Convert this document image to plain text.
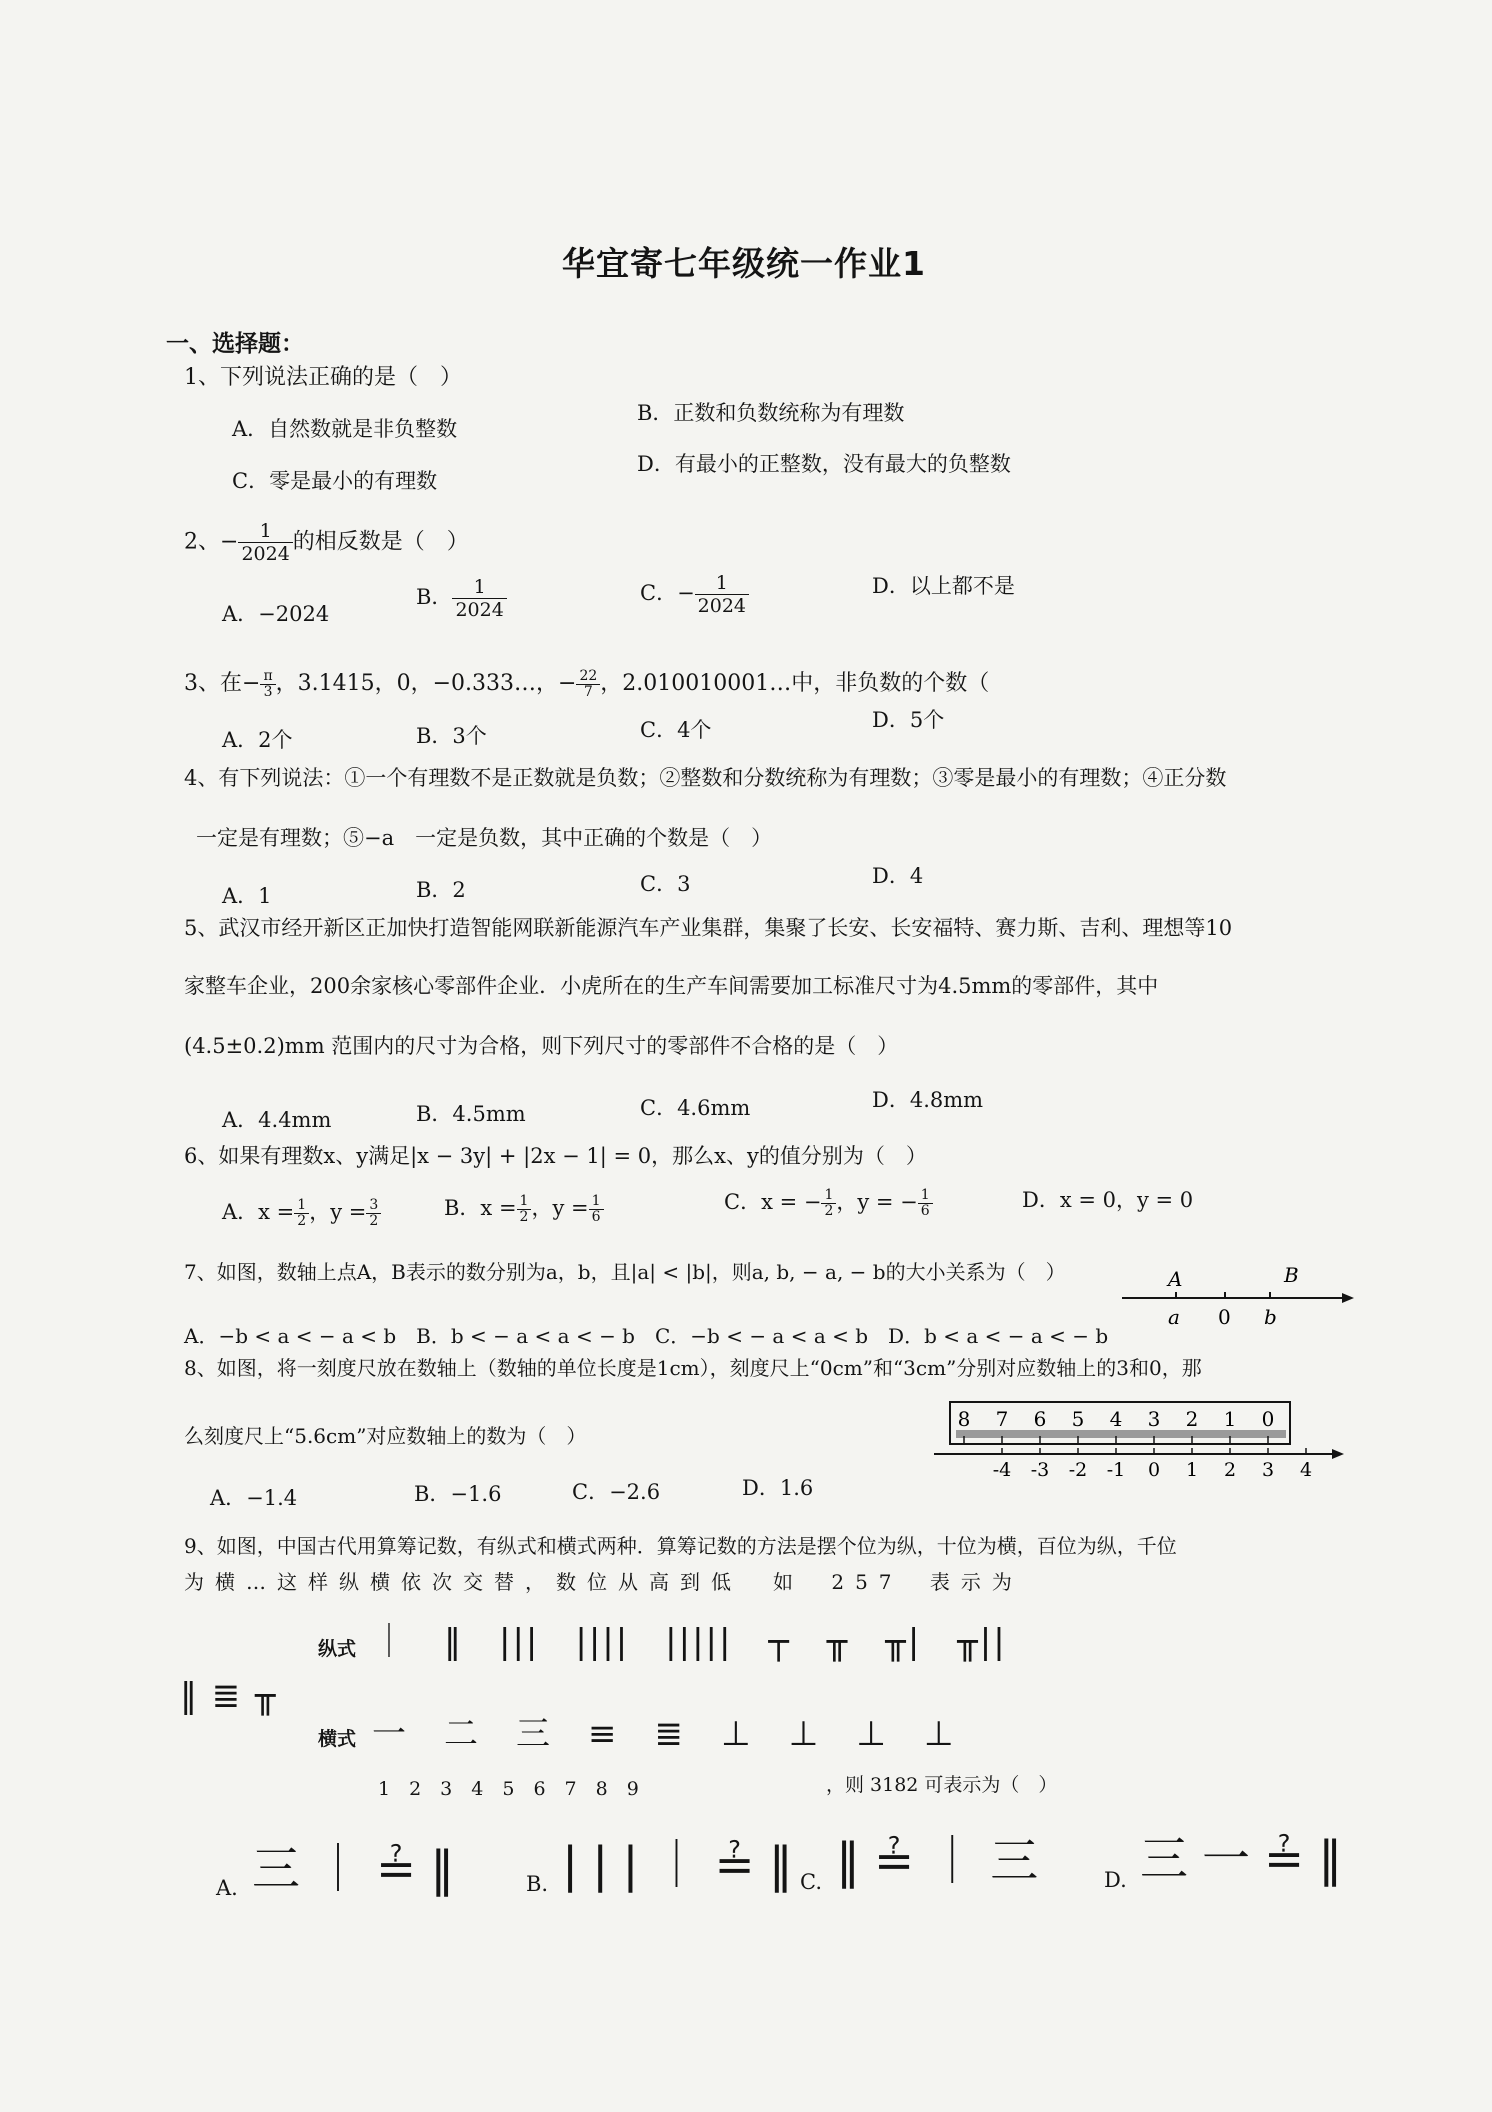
华宜寄七年级统一作业1
一、选择题：
1、下列说法正确的是（　）
A．自然数就是非负整数
B．正数和负数统称为有理数
C．零是最小的有理数
D．有最小的正整数，没有最大的负整数
2、− $\frac{1}{2024}$ 的相反数是（　）
A．−2024
B． $\frac{1}{2024}$	C．− $\frac{1}{2024}$	D．以上都不是
3、在− $\frac{\pi}{3}$ ，3.1415，0，−0.333…，− $\frac{22}{7}$ ，2.010010001…中，非负数的个数（
A．2个	B．3个	C．4个	D．5个
4、有下列说法：①一个有理数不是正数就是负数；②整数和分数统称为有理数；③零是最小的有理数；④正分数
一定是有理数；⑤−a　一定是负数，其中正确的个数是（　）
A．1	B．2	C．3	D．4
5、武汉市经开新区正加快打造智能网联新能源汽车产业集群，集聚了长安、长安福特、赛力斯、吉利、理想等10
家整车企业，200余家核心零部件企业．小虎所在的生产车间需要加工标准尺寸为4.5mm的零部件，其中
(4.5±0.2)mm 范围内的尺寸为合格，则下列尺寸的零部件不合格的是（　）
A．4.4mm	B．4.5mm	C．4.6mm	D．4.8mm
6、如果有理数x、y满足|x − 3y| + |2x − 1| = 0，那么x、y的值分别为（　）
A．$x = \frac{1}{2}$ ，$y = \frac{3}{2}$	B．$x = \frac{1}{2}$ ，$y = \frac{1}{6}$	C．x = − $\frac{1}{2}$ ，y = − $\frac{1}{6}$	D．x = 0，y = 0
7、如图，数轴上点A，B表示的数分别为a，b，且|a| < |b|，则a, b, − a, − b的大小关系为（　）
A．−b < a < − a < b　B．b < − a < a < − b　C．−b < − a < a < b　D．b < a < − a < − b
A	B
a 0 b
8、如图，将一刻度尺放在数轴上（数轴的单位长度是1cm），刻度尺上“0cm”和“3cm”分别对应数轴上的3和0，那
么刻度尺上“5.6cm”对应数轴上的数为（　）
A．−1.4	B．−1.6	C．−2.6	D．1.6
8 7 6 5 4 3 2 1 0
-4 -3 -2 -1 0 1 2 3 4
9、如图，中国古代用算筹记数，有纵式和横式两种．算筹记数的方法是摆个位为纵，十位为横，百位为纵，千位
为横…这样纵横依次交替，数位从高到低　如 257 表示为
纵式 ｜　‖　|||　||||　|||||　┬　╥　╥|　╥||
‖ ≣ ╥
横式 一　二　三　≡　≣　⊥　⊥　⊥　⊥
1　2　3　4　5　6　7　8　9	，则 3182 可表示为（　）
A. 三｜≟‖	B. |||｜≟‖
C. ‖≟｜三 D. 三一≟‖
